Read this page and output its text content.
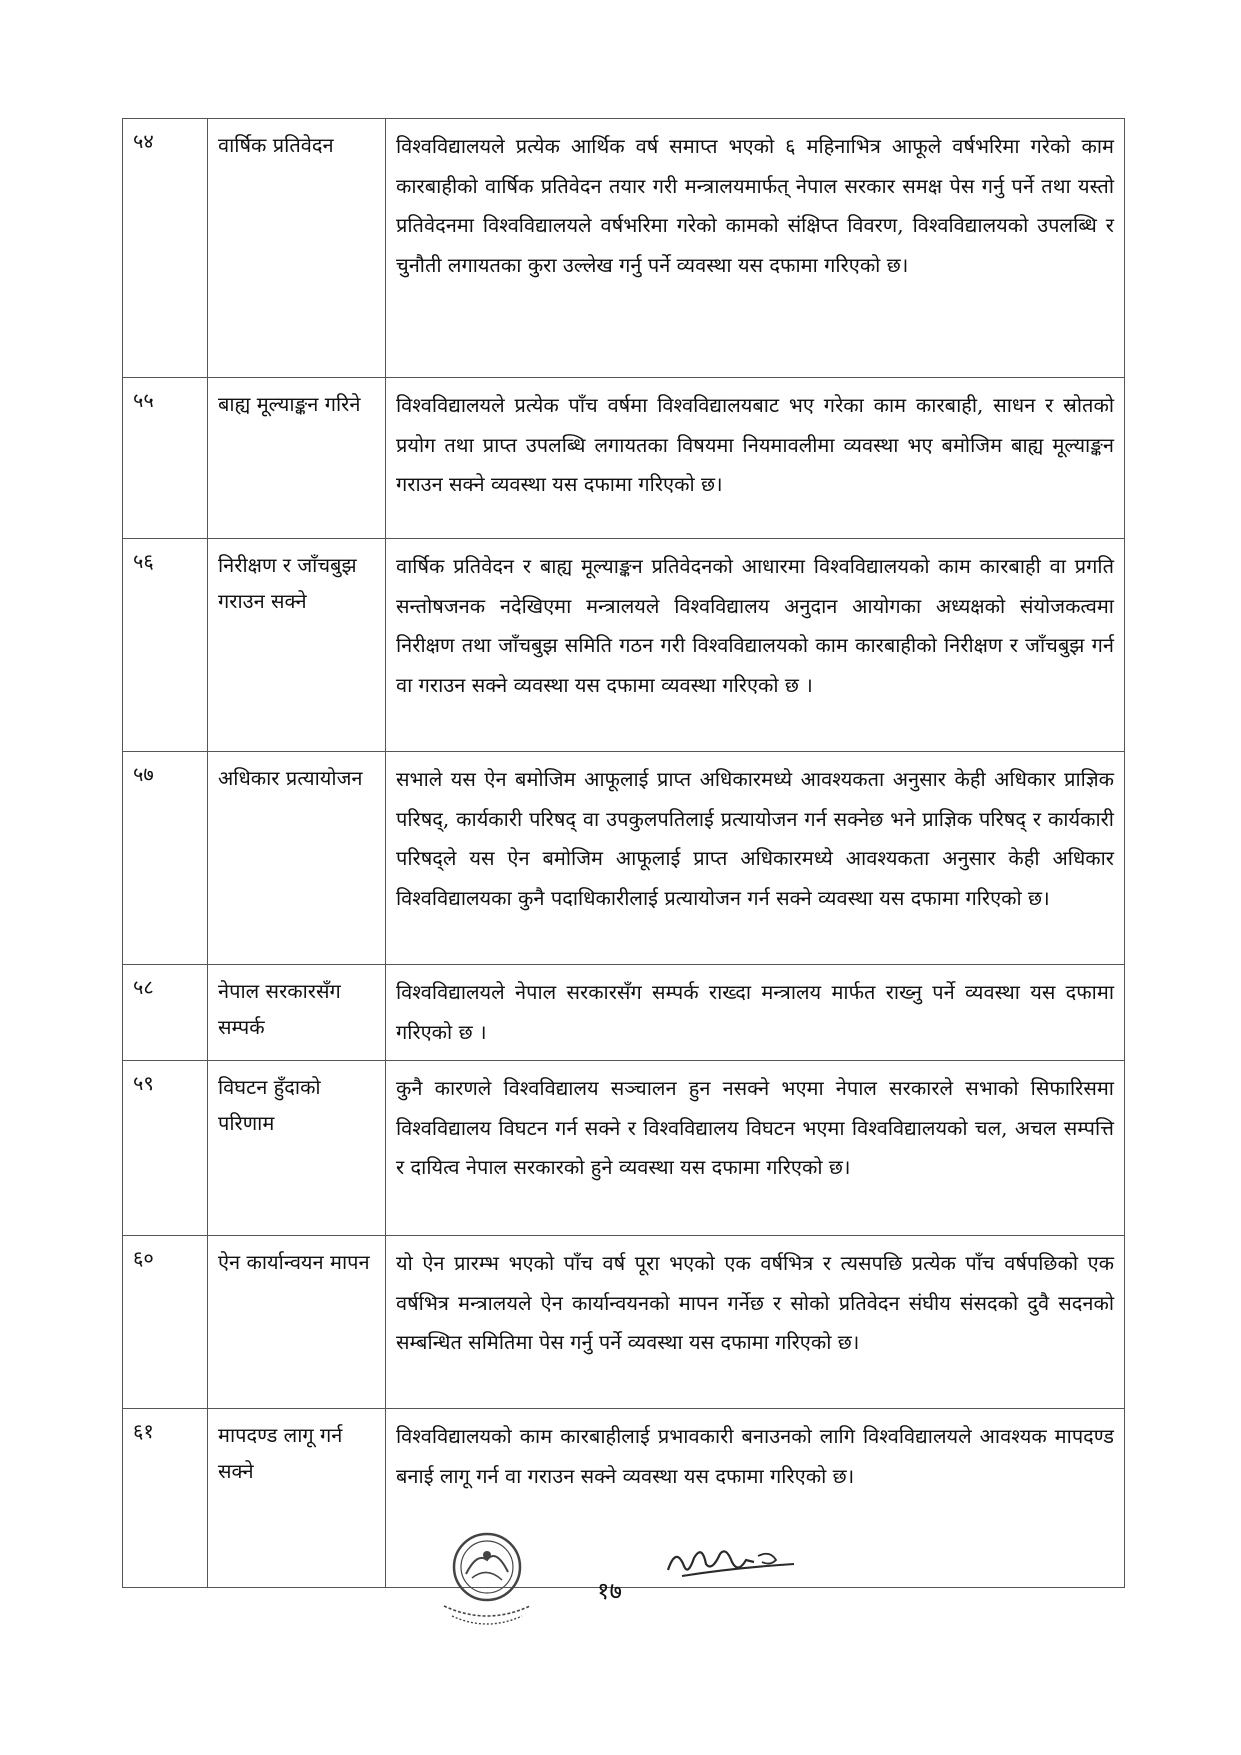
५४	वार्षिक प्रतिवेदन	विश्वविद्यालयले प्रत्येक आर्थिक वर्ष समाप्त भएको ६ महिनाभित्र आफूले वर्षभरिमा गरेको काम कारबाहीको वार्षिक प्रतिवेदन तयार गरी मन्त्रालयमार्फत् नेपाल सरकार समक्ष पेस गर्नु पर्ने तथा यस्तो प्रतिवेदनमा विश्वविद्यालयले वर्षभरिमा गरेको कामको संक्षिप्त विवरण, विश्वविद्यालयको उपलब्धि र चुनौती लगायतका कुरा उल्लेख गर्नु पर्ने व्यवस्था यस दफामा गरिएको छ।
५५	बाह्य मूल्याङ्कन गरिने	विश्वविद्यालयले प्रत्येक पाँच वर्षमा विश्वविद्यालयबाट भए गरेका काम कारबाही, साधन र स्रोतको प्रयोग तथा प्राप्त उपलब्धि लगायतका विषयमा नियमावलीमा व्यवस्था भए बमोजिम बाह्य मूल्याङ्कन गराउन सक्ने व्यवस्था यस दफामा गरिएको छ।
५६	निरीक्षण र जाँचबुझ गराउन सक्ने	वार्षिक प्रतिवेदन र बाह्य मूल्याङ्कन प्रतिवेदनको आधारमा विश्वविद्यालयको काम कारबाही वा प्रगति सन्तोषजनक नदेखिएमा मन्त्रालयले विश्वविद्यालय अनुदान आयोगका अध्यक्षको संयोजकत्वमा निरीक्षण तथा जाँचबुझ समिति गठन गरी विश्वविद्यालयको काम कारबाहीको निरीक्षण र जाँचबुझ गर्न वा गराउन सक्ने व्यवस्था यस दफामा व्यवस्था गरिएको छ ।
५७	अधिकार प्रत्यायोजन	सभाले यस ऐन बमोजिम आफूलाई प्राप्त अधिकारमध्ये आवश्यकता अनुसार केही अधिकार प्राज्ञिक परिषद्, कार्यकारी परिषद् वा उपकुलपतिलाई प्रत्यायोजन गर्न सक्नेछ भने प्राज्ञिक परिषद् र कार्यकारी परिषद्ले यस ऐन बमोजिम आफूलाई प्राप्त अधिकारमध्ये आवश्यकता अनुसार केही अधिकार विश्वविद्यालयका कुनै पदाधिकारीलाई प्रत्यायोजन गर्न सक्ने व्यवस्था यस दफामा गरिएको छ।
५८	नेपाल सरकारसँग सम्पर्क	विश्वविद्यालयले नेपाल सरकारसँग सम्पर्क राख्दा मन्त्रालय मार्फत राख्नु पर्ने व्यवस्था यस दफामा गरिएको छ ।
५९	विघटन हुँदाको परिणाम	कुनै कारणले विश्वविद्यालय सञ्चालन हुन नसक्ने भएमा नेपाल सरकारले सभाको सिफारिसमा विश्वविद्यालय विघटन गर्न सक्ने र विश्वविद्यालय विघटन भएमा विश्वविद्यालयको चल, अचल सम्पत्ति र दायित्व नेपाल सरकारको हुने व्यवस्था यस दफामा गरिएको छ।
६०	ऐन कार्यान्वयन मापन	यो ऐन प्रारम्भ भएको पाँच वर्ष पूरा भएको एक वर्षभित्र र त्यसपछि प्रत्येक पाँच वर्षपछिको एक वर्षभित्र मन्त्रालयले ऐन कार्यान्वयनको मापन गर्नेछ र सोको प्रतिवेदन संघीय संसदको दुवै सदनको सम्बन्धित समितिमा पेस गर्नु पर्ने व्यवस्था यस दफामा गरिएको छ।
६१	मापदण्ड लागू गर्न सक्ने	विश्वविद्यालयको काम कारबाहीलाई प्रभावकारी बनाउनको लागि विश्वविद्यालयले आवश्यक मापदण्ड बनाई लागू गर्न वा गराउन सक्ने व्यवस्था यस दफामा गरिएको छ।
१७
